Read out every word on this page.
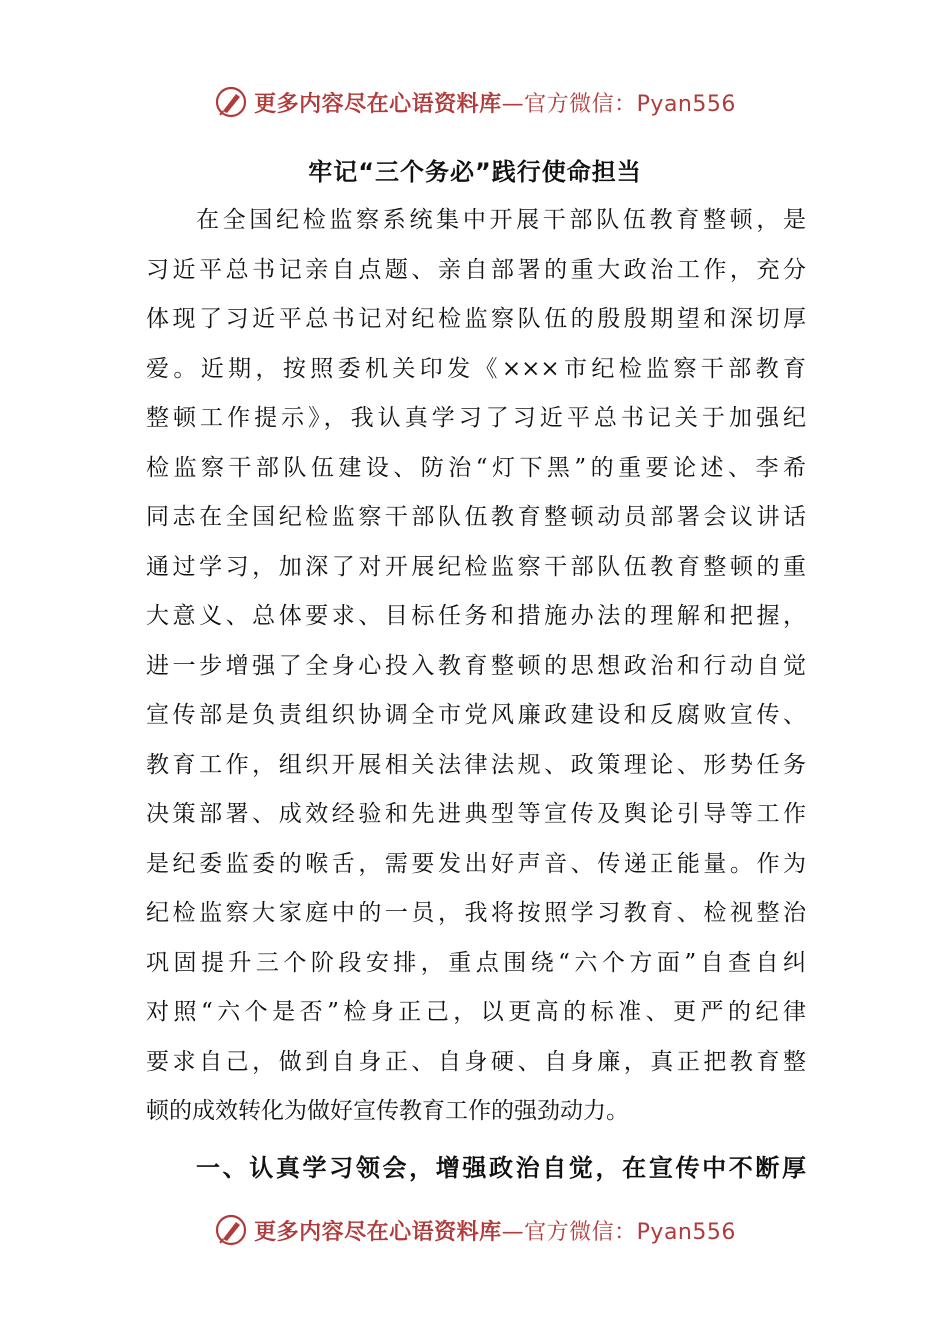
更多内容尽在心语资料库—官方微信：Pyan556
牢记“三个务必”践行使命担当
在全国纪检监察系统集中开展干部队伍教育整顿，是
习近平总书记亲自点题、亲自部署的重大政治工作，充分
体现了习近平总书记对纪检监察队伍的殷殷期望和深切厚
爱。近期，按照委机关印发《×××市纪检监察干部教育
整顿工作提示》，我认真学习了习近平总书记关于加强纪
检监察干部队伍建设、防治“灯下黑”的重要论述、李希
同志在全国纪检监察干部队伍教育整顿动员部署会议讲话
通过学习，加深了对开展纪检监察干部队伍教育整顿的重
大意义、总体要求、目标任务和措施办法的理解和把握，
进一步增强了全身心投入教育整顿的思想政治和行动自觉
宣传部是负责组织协调全市党风廉政建设和反腐败宣传、
教育工作，组织开展相关法律法规、政策理论、形势任务
决策部署、成效经验和先进典型等宣传及舆论引导等工作
是纪委监委的喉舌，需要发出好声音、传递正能量。作为
纪检监察大家庭中的一员，我将按照学习教育、检视整治
巩固提升三个阶段安排，重点围绕“六个方面”自查自纠
对照“六个是否”检身正己，以更高的标准、更严的纪律
要求自己，做到自身正、自身硬、自身廉，真正把教育整
顿的成效转化为做好宣传教育工作的强劲动力。
一、认真学习领会，增强政治自觉，在宣传中不断厚
更多内容尽在心语资料库—官方微信：Pyan556
